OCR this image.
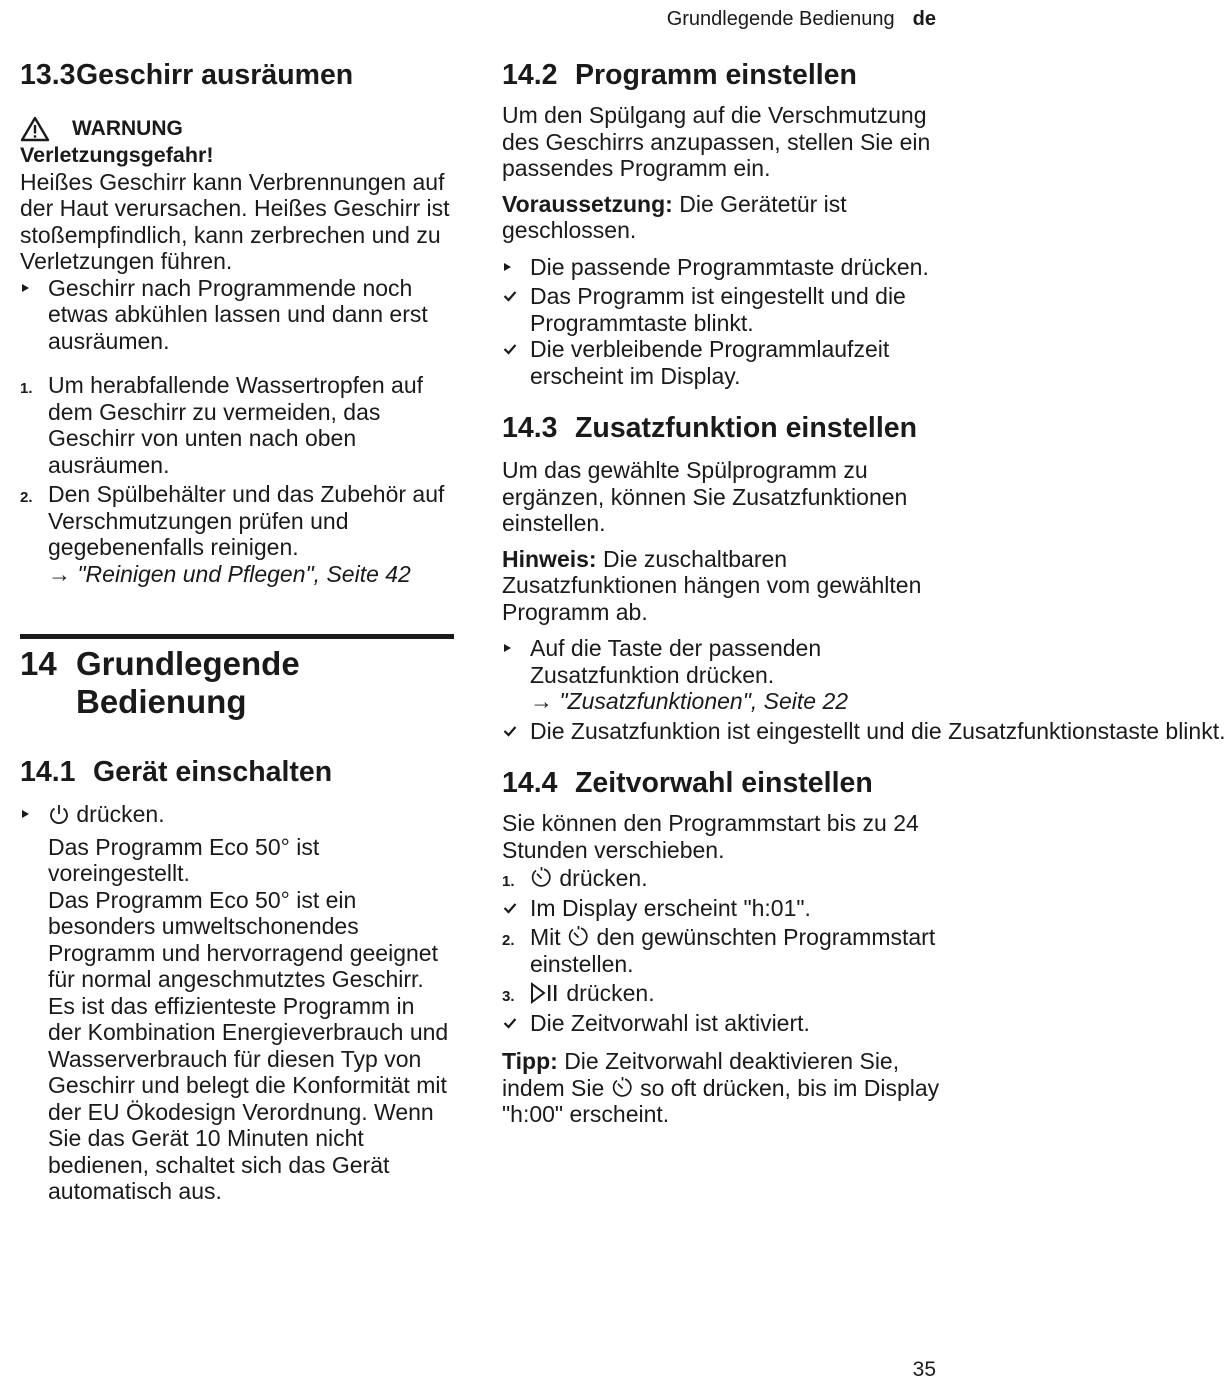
Grundlegende Bedienung de
13.3Geschirr ausräumen
WARNUNG

Verletzungsgefahr!

Heißes Geschirr kann Verbrennungen auf der Haut verursachen. Heißes Geschirr ist stoßempfindlich, kann zerbrechen und zu Verletzungen führen.

Geschirr nach Programmende noch etwas abkühlen lassen und dann erst ausräumen.
1. Um herabfallende Wassertropfen auf dem Geschirr zu vermeiden, das Geschirr von unten nach oben ausräumen.
2. Den Spülbehälter und das Zubehör auf Verschmutzungen prüfen und gegebenenfalls reinigen.
→ "Reinigen und Pflegen", Seite 42
14 Grundlegende Bedienung
14.1 Gerät einschalten
drücken.

Das Programm Eco 50° ist voreingestellt.

Das Programm Eco 50° ist ein besonders umweltschonendes Programm und hervorragend geeignet für normal angeschmutztes Geschirr. Es ist das effizienteste Programm in der Kombination Energieverbrauch und Wasserverbrauch für diesen Typ von Geschirr und belegt die Konformität mit der EU Ökodesign Verordnung. Wenn Sie das Gerät 10 Minuten nicht bedienen, schaltet sich das Gerät automatisch aus.

14.2 Programm einstellen

Um den Spülgang auf die Verschmutzung des Geschirrs anzupassen, stellen Sie ein passendes Programm ein.

Voraussetzung: Die Gerätetür ist geschlossen.

Die passende Programmtaste drücken.
Das Programm ist eingestellt und die Programmtaste blinkt.
Die verbleibende Programmlaufzeit erscheint im Display.
14.3 Zusatzfunktion einstellen

Um das gewählte Spülprogramm zu ergänzen, können Sie Zusatzfunktionen einstellen.

Hinweis: Die zuschaltbaren Zusatzfunktionen hängen vom gewählten Programm ab.

Auf die Taste der passenden Zusatzfunktion drücken.
→ "Zusatzfunktionen", Seite 22
Die Zusatzfunktion ist eingestellt und die Zusatzfunktionstaste blinkt.
14.4 Zeitvorwahl einstellen

Sie können den Programmstart bis zu 24 Stunden verschieben.

1.	drücken.
Im Display erscheint "h:01".
2. Mit den gewünschten Programmstart einstellen.
3.	drücken.
Die Zeitvorwahl ist aktiviert.

Tipp: Die Zeitvorwahl deaktivieren Sie, indem Sie so oft drücken, bis im Display "h:00" erscheint.

35
